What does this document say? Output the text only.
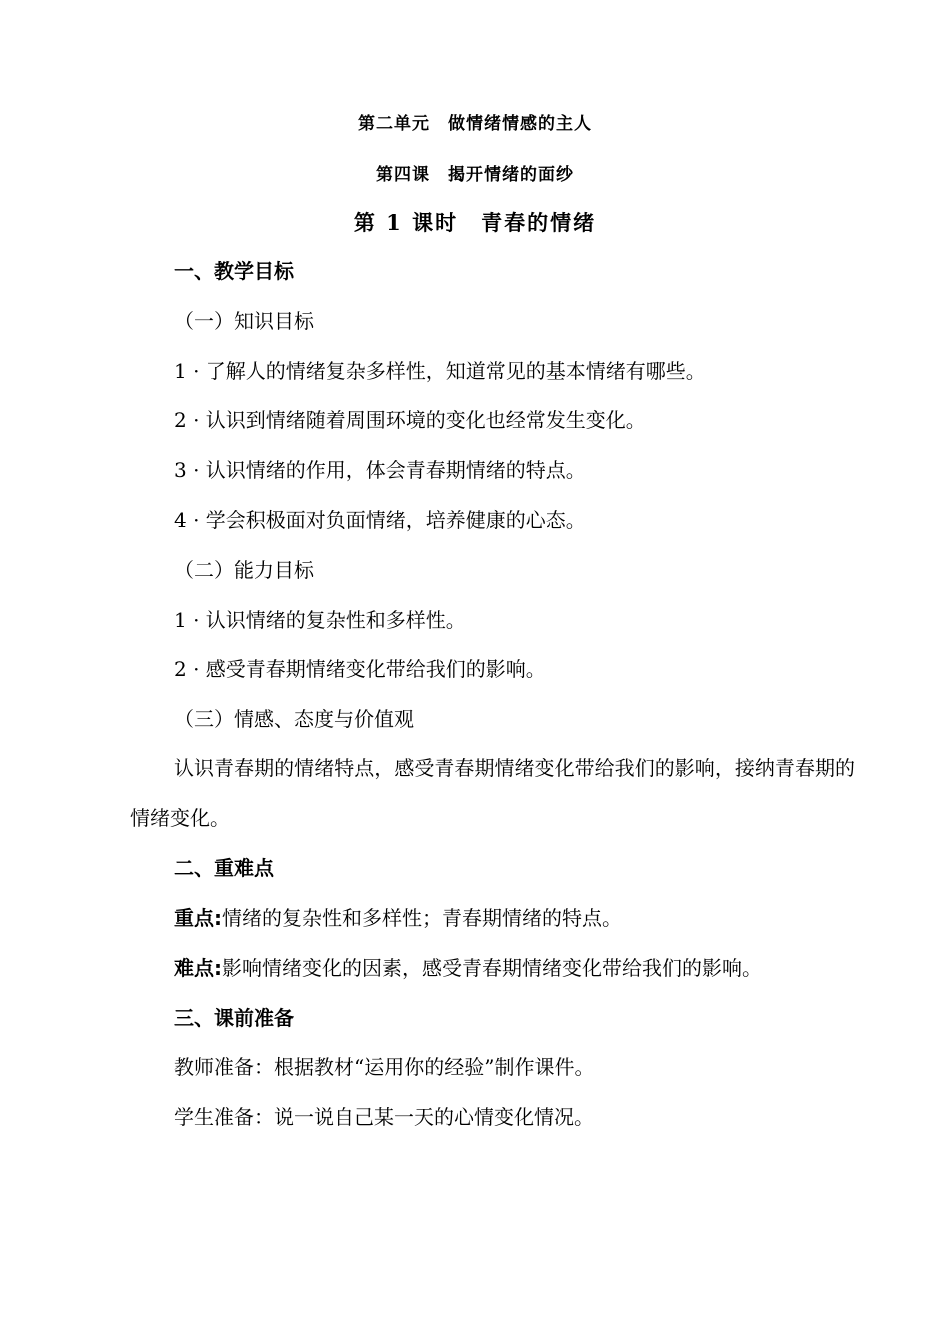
第二单元　做情绪情感的主人
第四课　揭开情绪的面纱
第 1 课时　青春的情绪
一、教学目标
（一）知识目标
1 · 了解人的情绪复杂多样性，知道常见的基本情绪有哪些。
2 · 认识到情绪随着周围环境的变化也经常发生变化。
3 · 认识情绪的作用，体会青春期情绪的特点。
4 · 学会积极面对负面情绪，培养健康的心态。
（二）能力目标
1 · 认识情绪的复杂性和多样性。
2 · 感受青春期情绪变化带给我们的影响。
（三）情感、态度与价值观
认识青春期的情绪特点，感受青春期情绪变化带给我们的影响，接纳青春期的情绪变化。
二、重难点
重点:情绪的复杂性和多样性；青春期情绪的特点。
难点:影响情绪变化的因素，感受青春期情绪变化带给我们的影响。
三、课前准备
教师准备：根据教材“运用你的经验”制作课件。
学生准备：说一说自己某一天的心情变化情况。
